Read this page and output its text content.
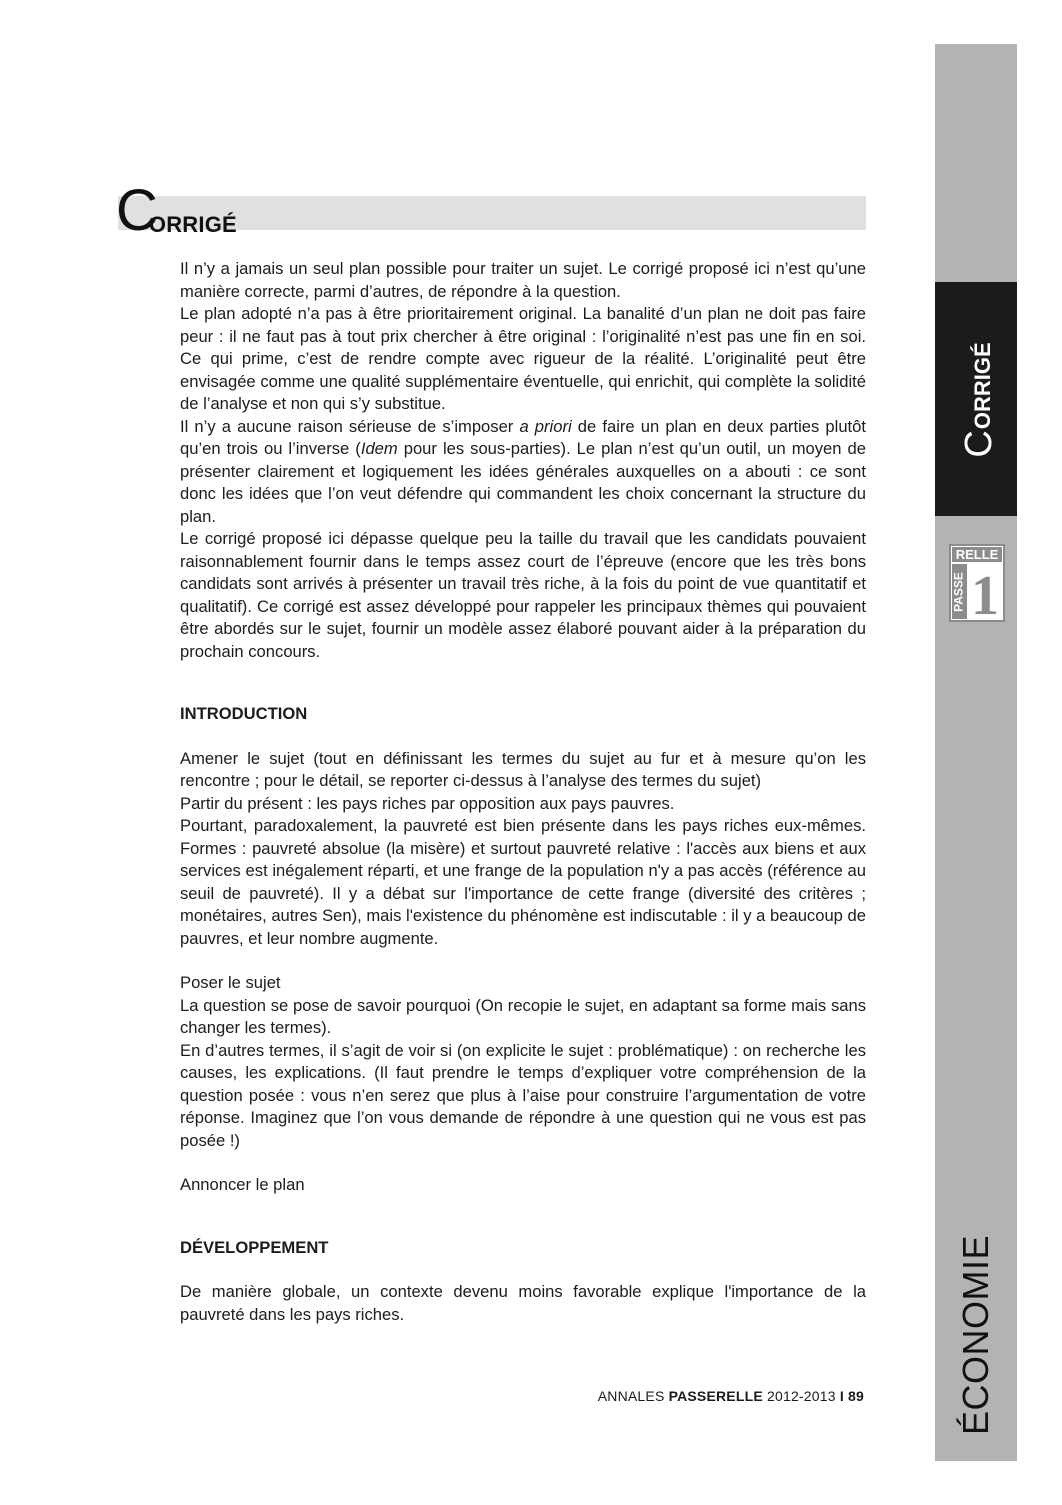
C
ORRIGÉ

Il n’y a jamais un seul plan possible pour traiter un sujet. Le corrigé proposé ici n’est qu’une manière correcte, parmi d’autres, de répondre à la question.

Le plan adopté n’a pas à être prioritairement original. La banalité d’un plan ne doit pas faire peur : il ne faut pas à tout prix chercher à être original : l’originalité n’est pas une fin en soi. Ce qui prime, c’est de rendre compte avec rigueur de la réalité. L’originalité peut être envisagée comme une qualité supplémentaire éventuelle, qui enrichit, qui complète la solidité de l’analyse et non qui s’y substitue.

Il n’y a aucune raison sérieuse de s’imposer a priori de faire un plan en deux parties plutôt qu’en trois ou l’inverse (Idem pour les sous-parties). Le plan n’est qu’un outil, un moyen de présenter clairement et logiquement les idées générales auxquelles on a abouti : ce sont donc les idées que l’on veut défendre qui commandent les choix concernant la structure du plan.

Le corrigé proposé ici dépasse quelque peu la taille du travail que les candidats pouvaient raisonnablement fournir dans le temps assez court de l’épreuve (encore que les très bons candidats sont arrivés à présenter un travail très riche, à la fois du point de vue quantitatif et qualitatif). Ce corrigé est assez développé pour rappeler les principaux thèmes qui pouvaient être abordés sur le sujet, fournir un modèle assez élaboré pouvant aider à la préparation du prochain concours.

INTRODUCTION

Amener le sujet (tout en définissant les termes du sujet au fur et à mesure qu’on les rencontre ; pour le détail, se reporter ci-dessus à l’analyse des termes du sujet)

Partir du présent : les pays riches par opposition aux pays pauvres.

Pourtant, paradoxalement, la pauvreté est bien présente dans les pays riches eux-mêmes. Formes : pauvreté absolue (la misère) et surtout pauvreté relative : l'accès aux biens et aux services est inégalement réparti, et une frange de la population n'y a pas accès (référence au seuil de pauvreté). Il y a débat sur l'importance de cette frange (diversité des critères ; monétaires, autres Sen), mais l'existence du phénomène est indiscutable : il y a beaucoup de pauvres, et leur nombre augmente.

Poser le sujet

La question se pose de savoir pourquoi (On recopie le sujet, en adaptant sa forme mais sans changer les termes).

En d’autres termes, il s’agit de voir si (on explicite le sujet : problématique) : on recherche les causes, les explications. (Il faut prendre le temps d’expliquer votre compréhension de la question posée : vous n’en serez que plus à l’aise pour construire l’argumentation de votre réponse. Imaginez que l’on vous demande de répondre à une question qui ne vous est pas posée !)

Annoncer le plan

DÉVELOPPEMENT

De manière globale, un contexte devenu moins favorable explique l'importance de la pauvreté dans les pays riches.

ANNALES PASSERELLE 2012-2013 I 89
C
ORRIGÉ
ÉCONOMIE
RELLE
PASSE 1
